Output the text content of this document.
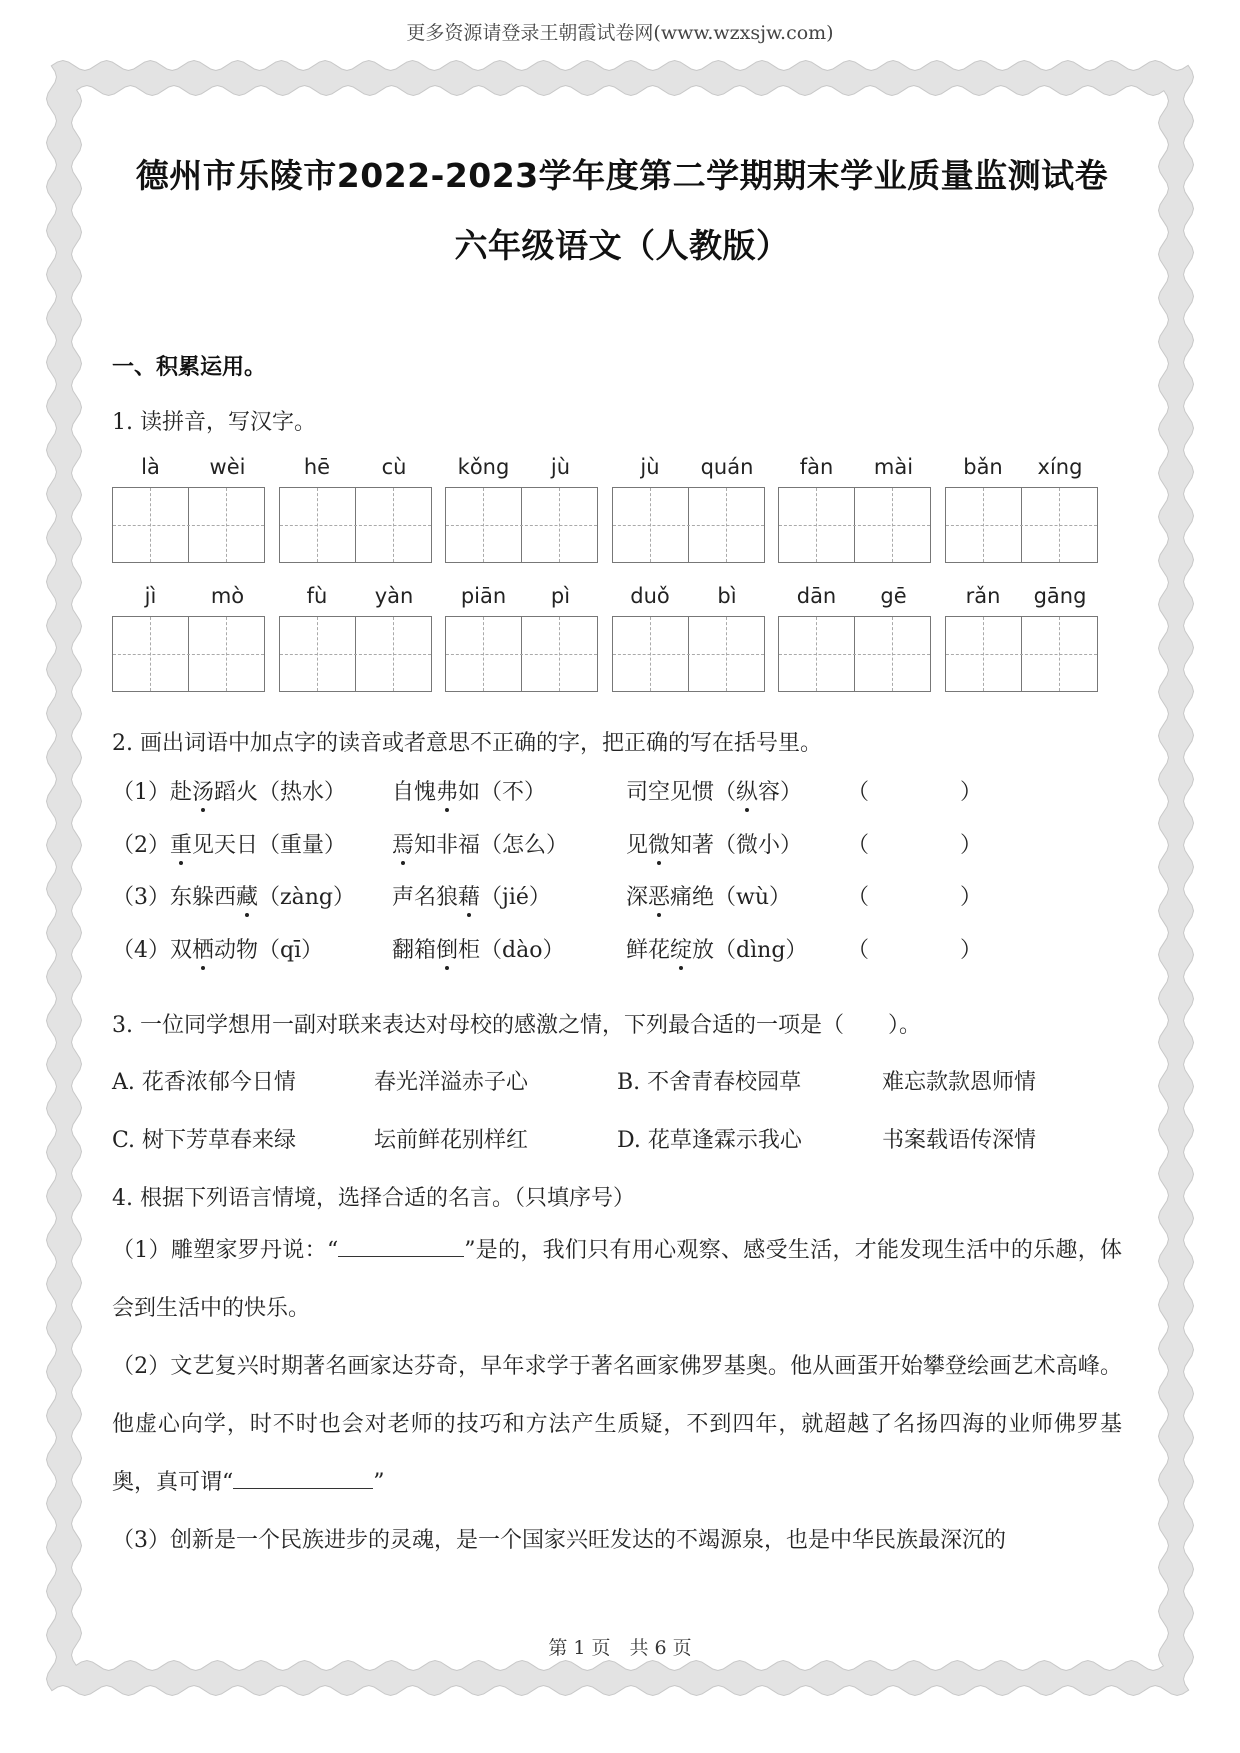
更多资源请登录王朝霞试卷网(www.wzxsjw.com)
德州市乐陵市2022-2023学年度第二学期期末学业质量监测试卷
六年级语文（人教版）
一、积累运用。
1. 读拼音，写汉字。
là	wèi	hē	cù	kǒng	jù	jù	quán	fàn	mài	bǎn	xíng
jì	mò	fù	yàn	piān	pì	duǒ	bì	dān	gē	rǎn	gāng
2. 画出词语中加点字的读音或者意思不正确的字，把正确的写在括号里。
（1）赴汤蹈火（热水） 自愧弗如（不）	司空见惯（纵容） （	）
（2）重见天日（重量） 焉知非福（怎么）	见微知著（微小） （	）
（3）东躲西藏（zàng） 声名狼藉（jié）	深恶痛绝（wù）	（	）
（4）双栖动物（qī）	翻箱倒柜（dào）	鲜花绽放（dìng） （	）
3. 一位同学想用一副对联来表达对母校的感激之情，下列最合适的一项是（　　）。
A. 花香浓郁今日情	春光洋溢赤子心	B. 不舍青春校园草	难忘款款恩师情
C. 树下芳草春来绿	坛前鲜花别样红	D. 花草逢霖示我心	书案载语传深情
4. 根据下列语言情境，选择合适的名言。（只填序号）
（1）雕塑家罗丹说：“	”是的，我们只有用心观察、感受生活，才能发现生活中的乐趣，体会到生活中的快乐。
（2）文艺复兴时期著名画家达芬奇，早年求学于著名画家佛罗基奥。他从画蛋开始攀登绘画艺术高峰。他虚心向学，时不时也会对老师的技巧和方法产生质疑，不到四年，就超越了名扬四海的业师佛罗基奥，真可谓“	”
（3）创新是一个民族进步的灵魂，是一个国家兴旺发达的不竭源泉，也是中华民族最深沉的
第 1 页　共 6 页
